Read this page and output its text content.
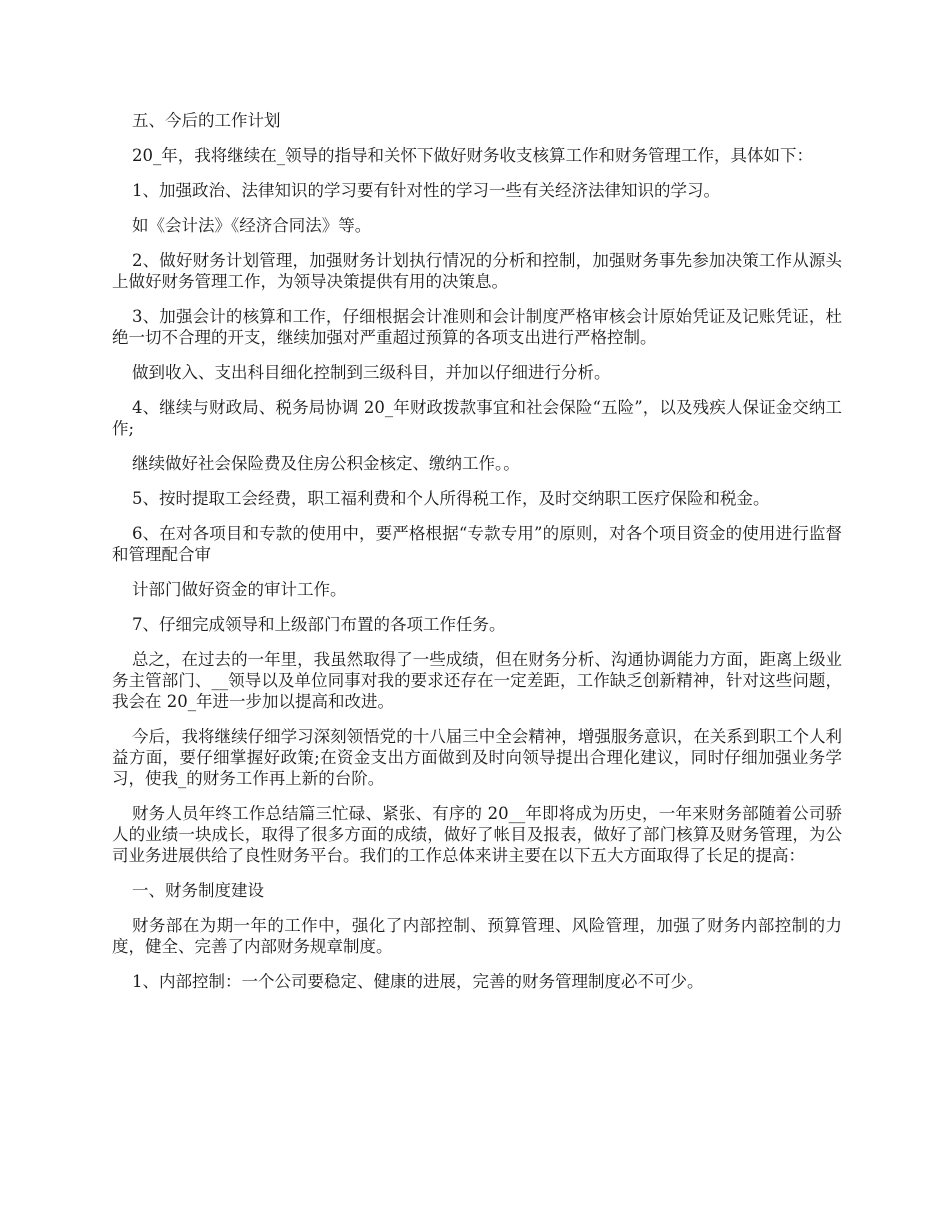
五、今后的工作计划

20_年，我将继续在_领导的指导和关怀下做好财务收支核算工作和财务管理工作，具体如下：

1、加强政治、法律知识的学习要有针对性的学习一些有关经济法律知识的学习。

如《会计法》《经济合同法》等。

2、做好财务计划管理，加强财务计划执行情况的分析和控制，加强财务事先参加决策工作从源头上做好财务管理工作，为领导决策提供有用的决策息。

3、加强会计的核算和工作，仔细根据会计准则和会计制度严格审核会计原始凭证及记账凭证，杜绝一切不合理的开支，继续加强对严重超过预算的各项支出进行严格控制。

做到收入、支出科目细化控制到三级科目，并加以仔细进行分析。

4、继续与财政局、税务局协调 20_年财政拨款事宜和社会保险“五险”，以及残疾人保证金交纳工作;

继续做好社会保险费及住房公积金核定、缴纳工作。。

5、按时提取工会经费，职工福利费和个人所得税工作，及时交纳职工医疗保险和税金。

6、在对各项目和专款的使用中，要严格根据“专款专用”的原则，对各个项目资金的使用进行监督和管理配合审

计部门做好资金的审计工作。

7、仔细完成领导和上级部门布置的各项工作任务。

总之，在过去的一年里，我虽然取得了一些成绩，但在财务分析、沟通协调能力方面，距离上级业务主管部门、__领导以及单位同事对我的要求还存在一定差距，工作缺乏创新精神，针对这些问题，我会在 20_年进一步加以提高和改进。

今后，我将继续仔细学习深刻领悟党的十八届三中全会精神，增强服务意识，在关系到职工个人利益方面，要仔细掌握好政策;在资金支出方面做到及时向领导提出合理化建议，同时仔细加强业务学习，使我_的财务工作再上新的台阶。

财务人员年终工作总结篇三忙碌、紧张、有序的 20__年即将成为历史，一年来财务部随着公司骄人的业绩一块成长，取得了很多方面的成绩，做好了帐目及报表，做好了部门核算及财务管理，为公司业务进展供给了良性财务平台。我们的工作总体来讲主要在以下五大方面取得了长足的提高：

一、财务制度建设

财务部在为期一年的工作中，强化了内部控制、预算管理、风险管理，加强了财务内部控制的力度，健全、完善了内部财务规章制度。

1、内部控制：一个公司要稳定、健康的进展，完善的财务管理制度必不可少。
